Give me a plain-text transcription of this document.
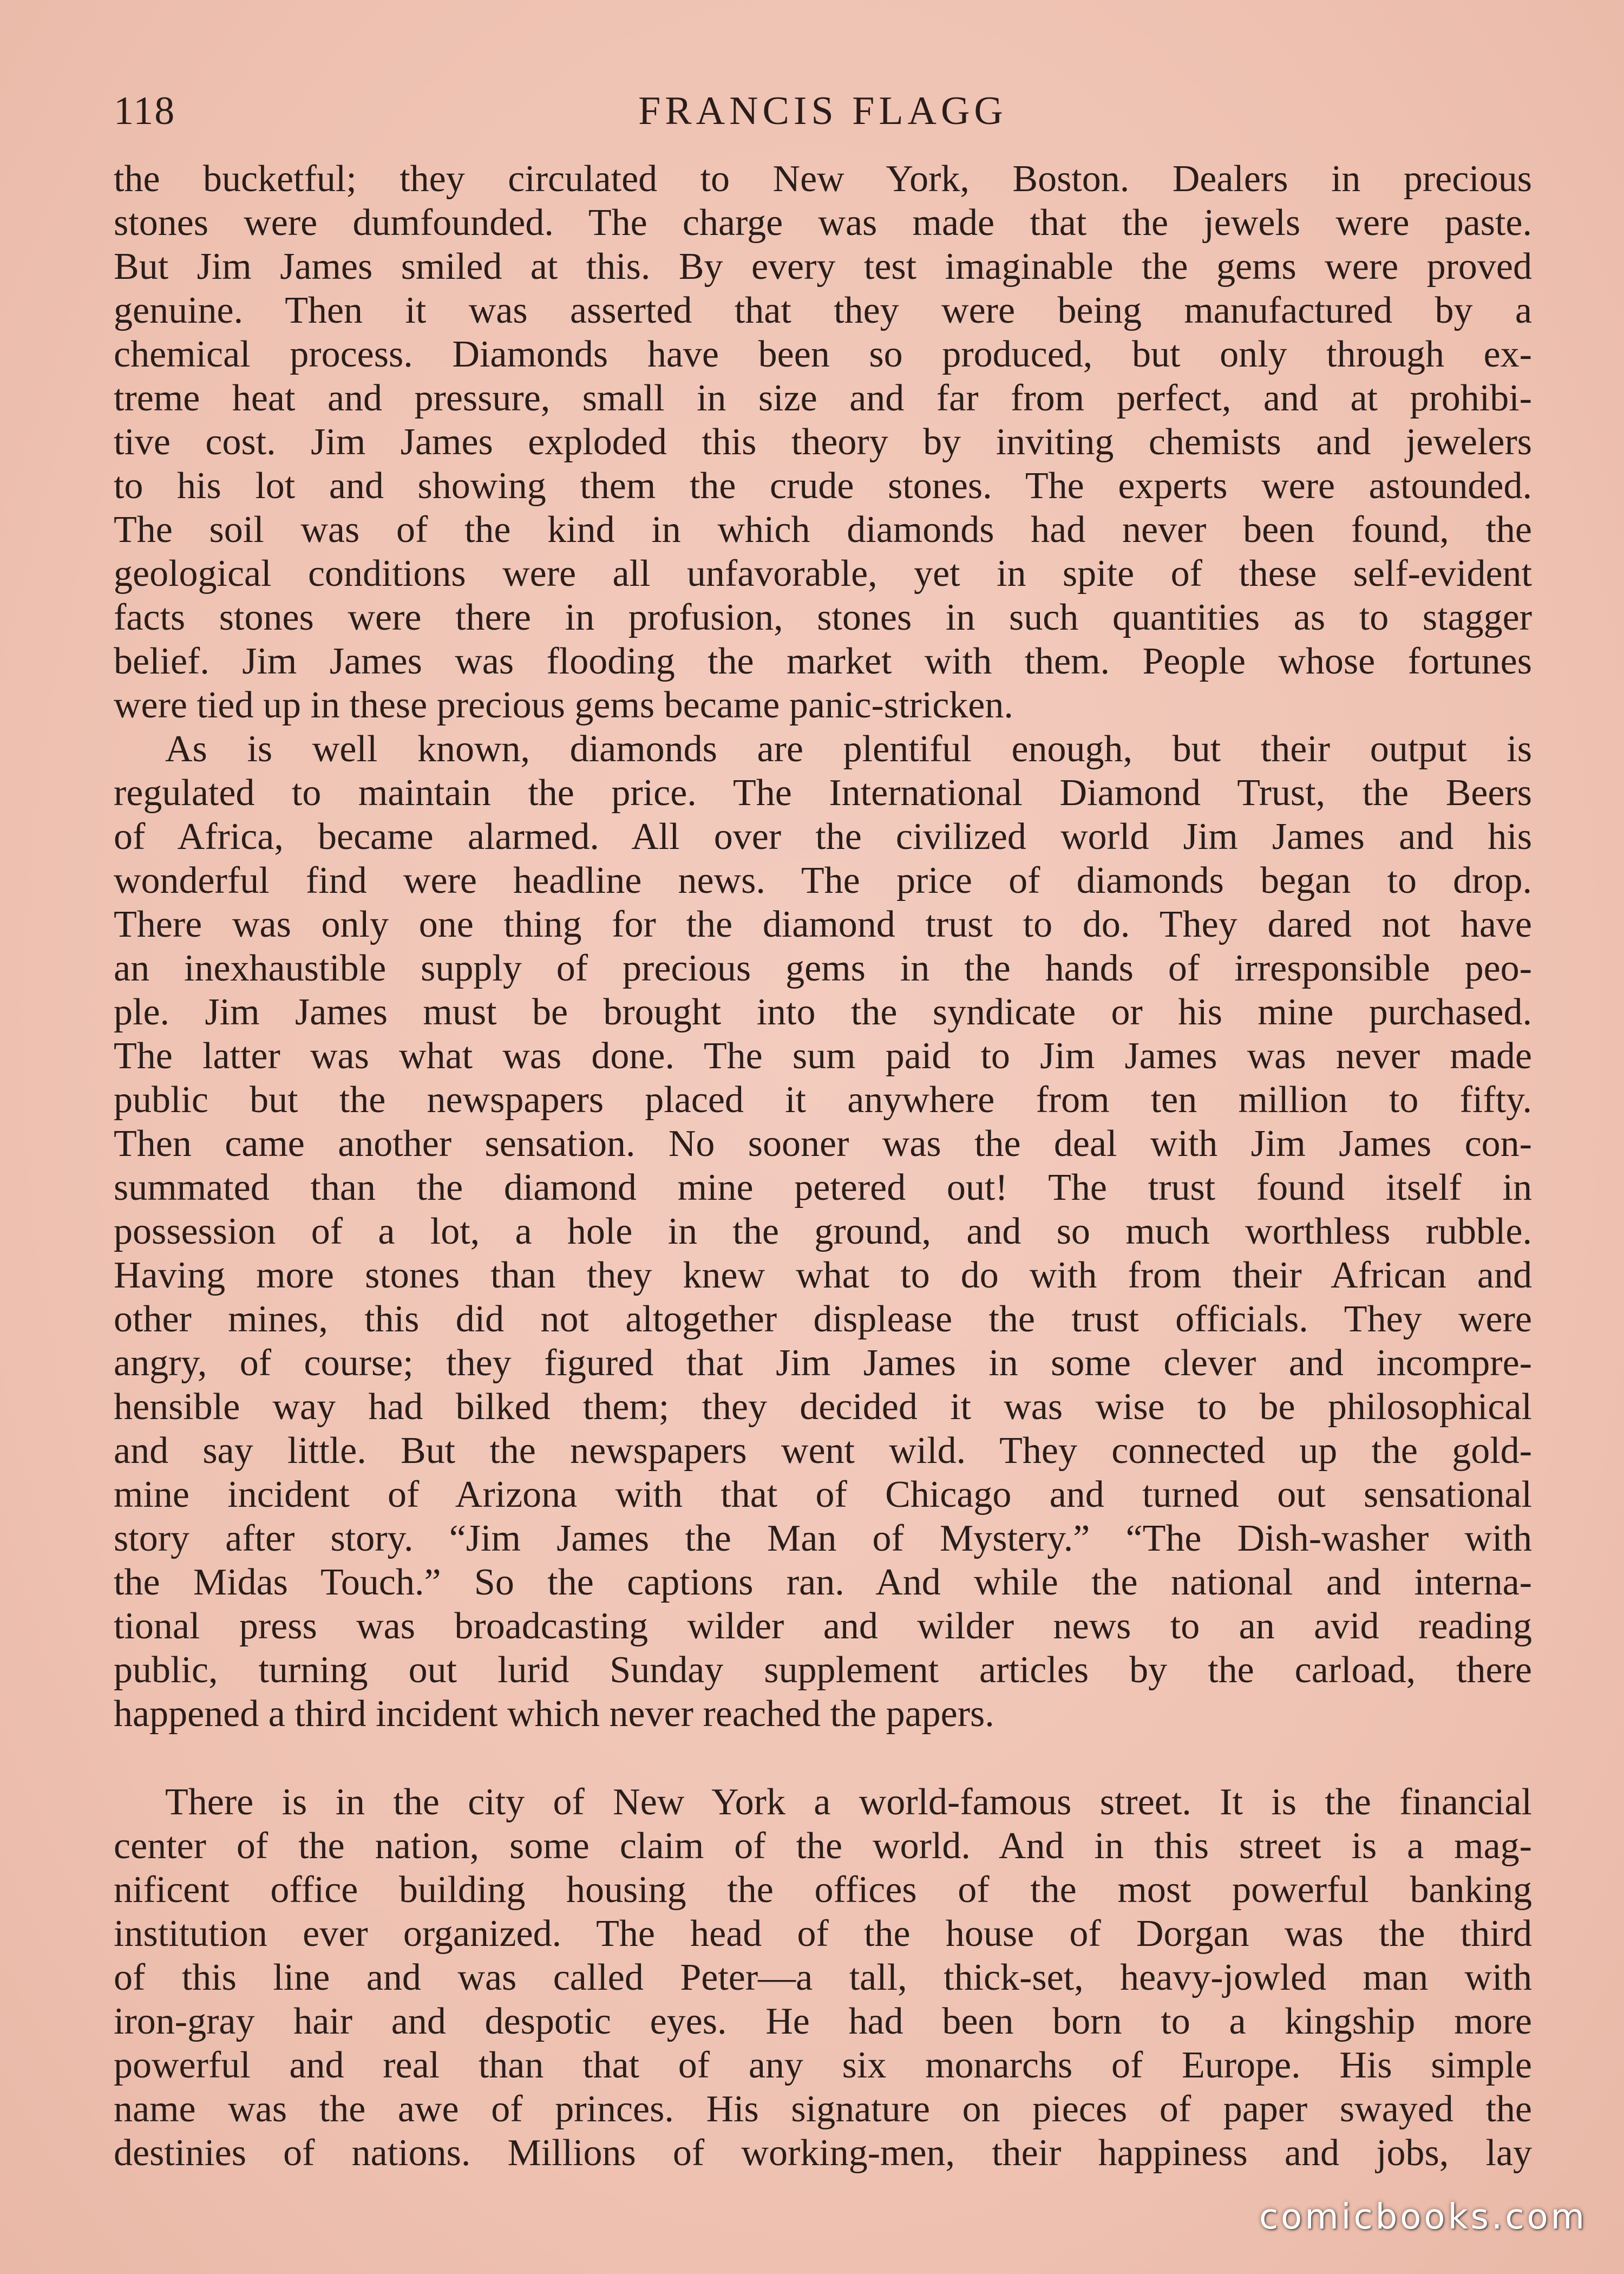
118	FRANCIS FLAGG
the bucketful; they circulated to New York, Boston. Dealers in precious
stones were dumfounded. The charge was made that the jewels were paste.
But Jim James smiled at this. By every test imaginable the gems were proved
genuine. Then it was asserted that they were being manufactured by a
chemical process. Diamonds have been so produced, but only through ex-
treme heat and pressure, small in size and far from perfect, and at prohibi-
tive cost. Jim James exploded this theory by inviting chemists and jewelers
to his lot and showing them the crude stones. The experts were astounded.
The soil was of the kind in which diamonds had never been found, the
geological conditions were all unfavorable, yet in spite of these self-evident
facts stones were there in profusion, stones in such quantities as to stagger
belief. Jim James was flooding the market with them. People whose fortunes
were tied up in these precious gems became panic-stricken.
As is well known, diamonds are plentiful enough, but their output is
regulated to maintain the price. The International Diamond Trust, the Beers
of Africa, became alarmed. All over the civilized world Jim James and his
wonderful find were headline news. The price of diamonds began to drop.
There was only one thing for the diamond trust to do. They dared not have
an inexhaustible supply of precious gems in the hands of irresponsible peo-
ple. Jim James must be brought into the syndicate or his mine purchased.
The latter was what was done. The sum paid to Jim James was never made
public but the newspapers placed it anywhere from ten million to fifty.
Then came another sensation. No sooner was the deal with Jim James con-
summated than the diamond mine petered out! The trust found itself in
possession of a lot, a hole in the ground, and so much worthless rubble.
Having more stones than they knew what to do with from their African and
other mines, this did not altogether displease the trust officials. They were
angry, of course; they figured that Jim James in some clever and incompre-
hensible way had bilked them; they decided it was wise to be philosophical
and say little. But the newspapers went wild. They connected up the gold-
mine incident of Arizona with that of Chicago and turned out sensational
story after story. “Jim James the Man of Mystery.” “The Dish-washer with
the Midas Touch.” So the captions ran. And while the national and interna-
tional press was broadcasting wilder and wilder news to an avid reading
public, turning out lurid Sunday supplement articles by the carload, there
happened a third incident which never reached the papers.
There is in the city of New York a world-famous street. It is the financial
center of the nation, some claim of the world. And in this street is a mag-
nificent office building housing the offices of the most powerful banking
institution ever organized. The head of the house of Dorgan was the third
of this line and was called Peter—a tall, thick-set, heavy-jowled man with
iron-gray hair and despotic eyes. He had been born to a kingship more
powerful and real than that of any six monarchs of Europe. His simple
name was the awe of princes. His signature on pieces of paper swayed the
destinies of nations. Millions of working-men, their happiness and jobs, lay
comicbooks.com
